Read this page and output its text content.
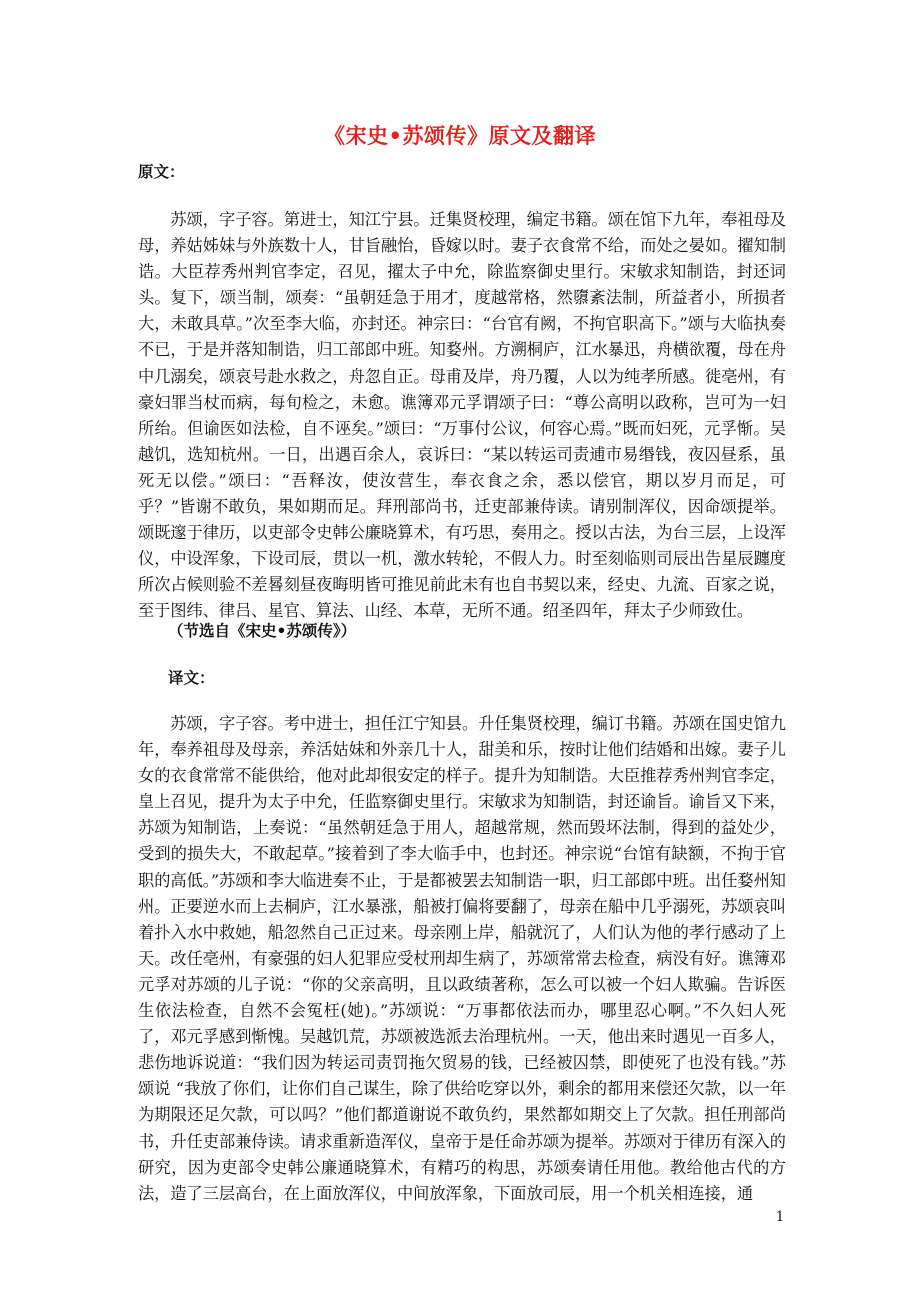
《宋史•苏颂传》原文及翻译
原文：
苏颂，字子容。第进士，知江宁县。迁集贤校理，编定书籍。颂在馆下九年，奉祖母及母，养姑姊妹与外族数十人，甘旨融怡，昏嫁以时。妻子衣食常不给，而处之晏如。擢知制诰。大臣荐秀州判官李定，召见，擢太子中允，除监察御史里行。宋敏求知制诰，封还词头。复下，颂当制，颂奏：“虽朝廷急于用才，度越常格，然隳紊法制，所益者小，所损者大，未敢具草。”次至李大临，亦封还。神宗曰：“台官有阙，不拘官职高下。”颂与大临执奏不已，于是并落知制诰，归工部郎中班。知婺州。方溯桐庐，江水暴迅，舟横欲覆，母在舟中几溺矣，颂哀号赴水救之，舟忽自正。母甫及岸，舟乃覆，人以为纯孝所感。徙亳州，有豪妇罪当杖而病，每旬检之，未愈。谯簿邓元孚谓颂子曰：“尊公高明以政称，岂可为一妇所绐。但谕医如法检，自不诬矣。”颂曰：“万事付公议，何容心焉。”既而妇死，元孚惭。吴越饥，选知杭州。一日，出遇百余人，哀诉曰：“某以转运司责逋市易缗钱，夜囚昼系，虽死无以偿。”颂曰：“吾释汝，使汝营生，奉衣食之余，悉以偿官，期以岁月而足，可乎？”皆谢不敢负，果如期而足。拜刑部尚书，迁吏部兼侍读。请别制浑仪，因命颂提举。颂既邃于律历，以吏部令史韩公廉晓算术，有巧思，奏用之。授以古法，为台三层，上设浑仪，中设浑象，下设司辰，贯以一机，激水转轮，不假人力。时至刻临则司辰出告星辰躔度所次占候则验不差晷刻昼夜晦明皆可推见前此未有也自书契以来，经史、九流、百家之说，至于图纬、律吕、星官、算法、山经、本草，无所不通。绍圣四年，拜太子少师致仕。
（节选自《宋史•苏颂传》）
译文：
苏颂，字子容。考中进士，担任江宁知县。升任集贤校理，编订书籍。苏颂在国史馆九年，奉养祖母及母亲，养活姑妹和外亲几十人，甜美和乐，按时让他们结婚和出嫁。妻子儿女的衣食常常不能供给，他对此却很安定的样子。提升为知制诰。大臣推荐秀州判官李定，皇上召见，提升为太子中允，任监察御史里行。宋敏求为知制诰，封还谕旨。谕旨又下来，苏颂为知制诰，上奏说：“虽然朝廷急于用人，超越常规，然而毁坏法制，得到的益处少，受到的损失大，不敢起草。”接着到了李大临手中，也封还。神宗说“台馆有缺额，不拘于官职的高低。”苏颂和李大临进奏不止，于是都被罢去知制诰一职，归工部郎中班。出任婺州知州。正要逆水而上去桐庐，江水暴涨，船被打偏将要翻了，母亲在船中几乎溺死，苏颂哀叫着扑入水中救她，船忽然自己正过来。母亲刚上岸，船就沉了，人们认为他的孝行感动了上天。改任亳州，有豪强的妇人犯罪应受杖刑却生病了，苏颂常常去检查，病没有好。谯簿邓元孚对苏颂的儿子说：“你的父亲高明，且以政绩著称，怎么可以被一个妇人欺骗。告诉医生依法检查，自然不会冤枉(她)。”苏颂说：“万事都依法而办，哪里忍心啊。”不久妇人死了，邓元孚感到惭愧。吴越饥荒，苏颂被选派去治理杭州。一天，他出来时遇见一百多人，悲伤地诉说道：“我们因为转运司责罚拖欠贸易的钱，已经被囚禁，即使死了也没有钱。”苏颂说 “我放了你们，让你们自己谋生，除了供给吃穿以外，剩余的都用来偿还欠款，以一年为期限还足欠款，可以吗？”他们都道谢说不敢负约，果然都如期交上了欠款。担任刑部尚书，升任吏部兼侍读。请求重新造浑仪，皇帝于是任命苏颂为提举。苏颂对于律历有深入的研究，因为吏部令史韩公廉通晓算术，有精巧的构思，苏颂奏请任用他。教给他古代的方法，造了三层高台，在上面放浑仪，中间放浑象，下面放司辰，用一个机关相连接，通
1
